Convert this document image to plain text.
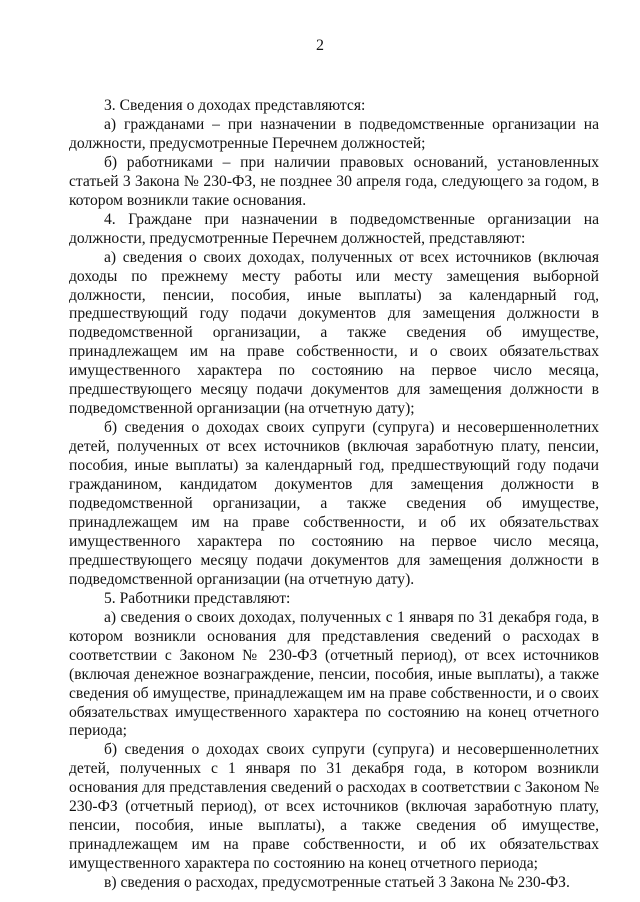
2

3. Сведения о доходах представляются:

а) гражданами – при назначении в подведомственные организации на должности, предусмотренные Перечнем должностей;

б) работниками – при наличии правовых оснований, установленных статьей 3 Закона № 230-ФЗ, не позднее 30 апреля года, следующего за годом, в котором возникли такие основания.

4. Граждане при назначении в подведомственные организации на должности, предусмотренные Перечнем должностей, представляют:

а) сведения о своих доходах, полученных от всех источников (включая доходы по прежнему месту работы или месту замещения выборной должности, пенсии, пособия, иные выплаты) за календарный год, предшествующий году подачи документов для замещения должности в подведомственной организации, а также сведения об имуществе, принадлежащем им на праве собственности, и о своих обязательствах имущественного характера по состоянию на первое число месяца, предшествующего месяцу подачи документов для замещения должности в подведомственной организации (на отчетную дату);

б) сведения о доходах своих супруги (супруга) и несовершеннолетних детей, полученных от всех источников (включая заработную плату, пенсии, пособия, иные выплаты) за календарный год, предшествующий году подачи гражданином, кандидатом документов для замещения должности в подведомственной организации, а также сведения об имуществе, принадлежащем им на праве собственности, и об их обязательствах имущественного характера по состоянию на первое число месяца, предшествующего месяцу подачи документов для замещения должности в подведомственной организации (на отчетную дату).

5. Работники представляют:

а) сведения о своих доходах, полученных с 1 января по 31 декабря года, в котором возникли основания для представления сведений о расходах в соответствии с Законом № 230-ФЗ (отчетный период), от всех источников (включая денежное вознаграждение, пенсии, пособия, иные выплаты), а также сведения об имуществе, принадлежащем им на праве собственности, и о своих обязательствах имущественного характера по состоянию на конец отчетного периода;

б) сведения о доходах своих супруги (супруга) и несовершеннолетних детей, полученных с 1 января по 31 декабря года, в котором возникли основания для представления сведений о расходах в соответствии с Законом № 230-ФЗ (отчетный период), от всех источников (включая заработную плату, пенсии, пособия, иные выплаты), а также сведения об имуществе, принадлежащем им на праве собственности, и об их обязательствах имущественного характера по состоянию на конец отчетного периода;

в) сведения о расходах, предусмотренные статьей 3 Закона № 230-ФЗ.
